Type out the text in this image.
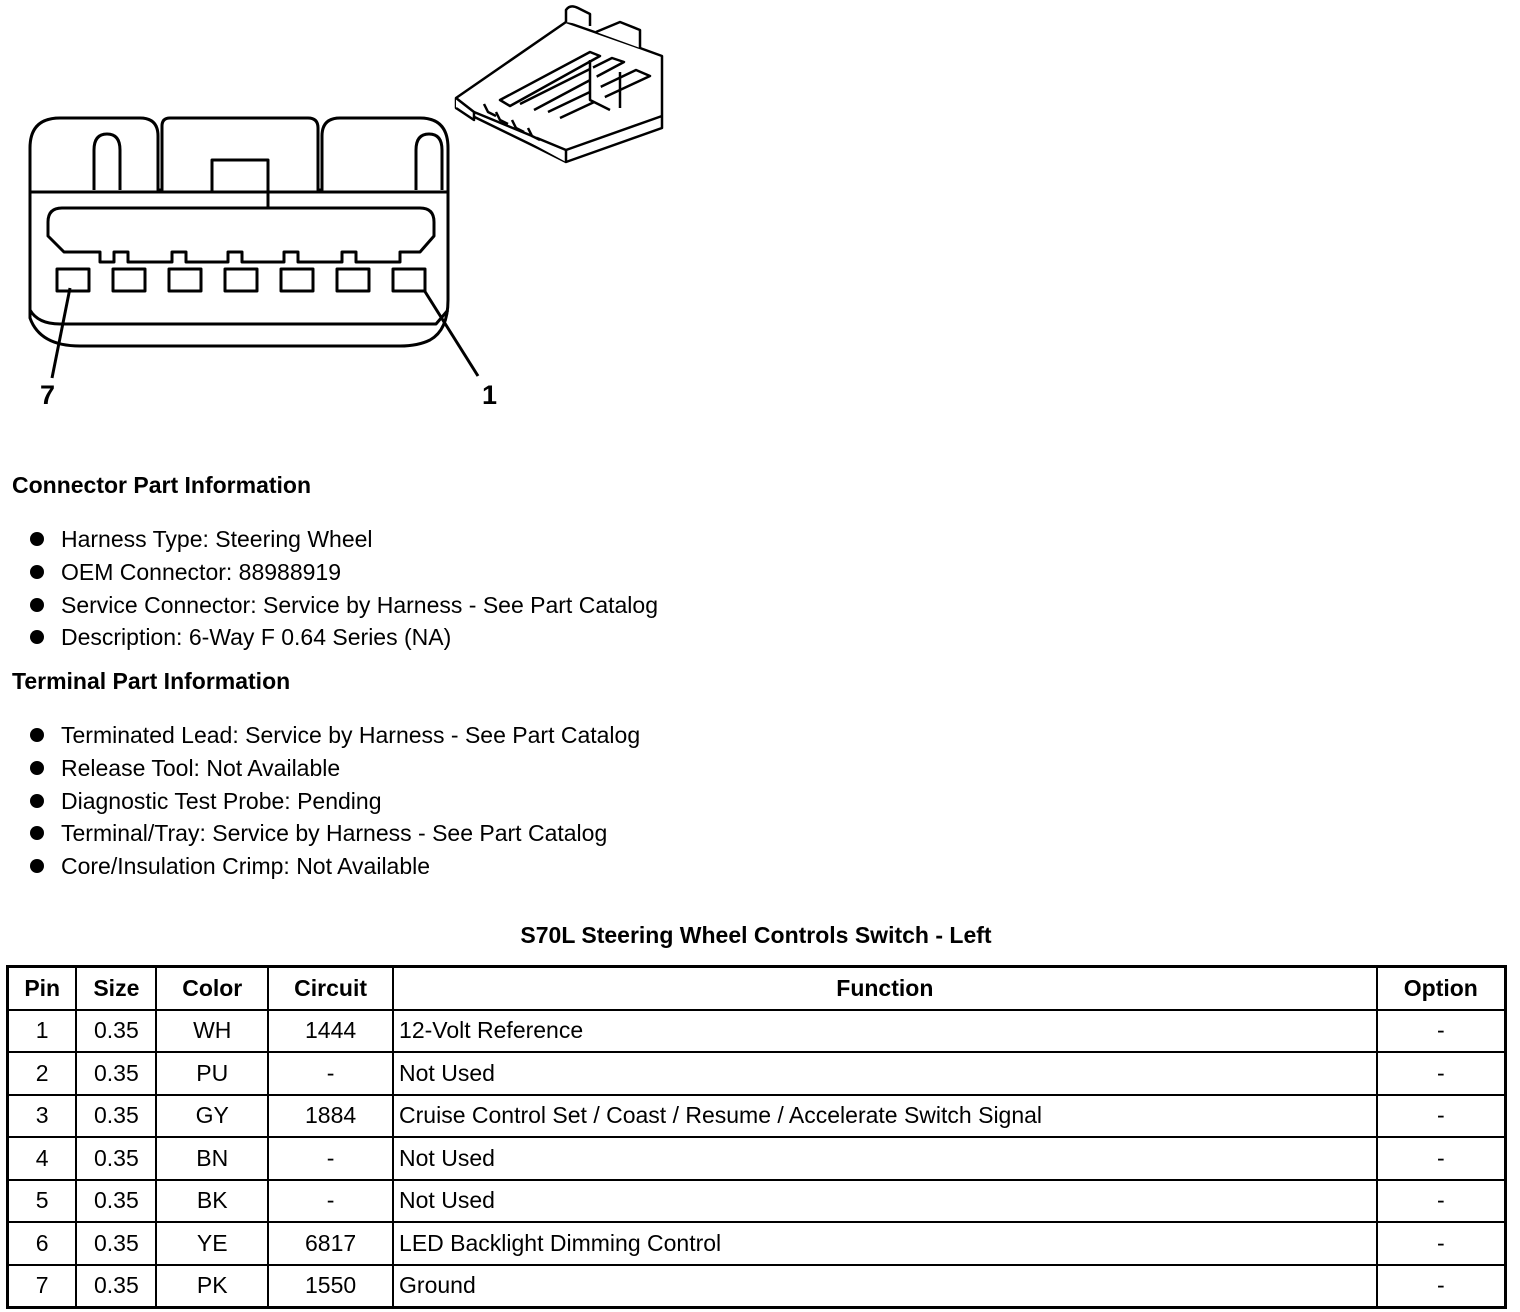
7	1
Connector Part Information
Harness Type: Steering Wheel
OEM Connector: 88988919
Service Connector: Service by Harness - See Part Catalog
Description: 6-Way F 0.64 Series (NA)
Terminal Part Information
Terminated Lead: Service by Harness - See Part Catalog
Release Tool: Not Available
Diagnostic Test Probe: Pending
Terminal/Tray: Service by Harness - See Part Catalog
Core/Insulation Crimp: Not Available
S70L Steering Wheel Controls Switch - Left
Pin	Size	Color	Circuit	Function	Option
1	0.35	WH	1444	12-Volt Reference	-
2	0.35	PU	-	Not Used	-
3	0.35	GY	1884	Cruise Control Set / Coast / Resume / Accelerate Switch Signal	-
4	0.35	BN	-	Not Used	-
5	0.35	BK	-	Not Used	-
6	0.35	YE	6817	LED Backlight Dimming Control	-
7	0.35	PK	1550	Ground	-
